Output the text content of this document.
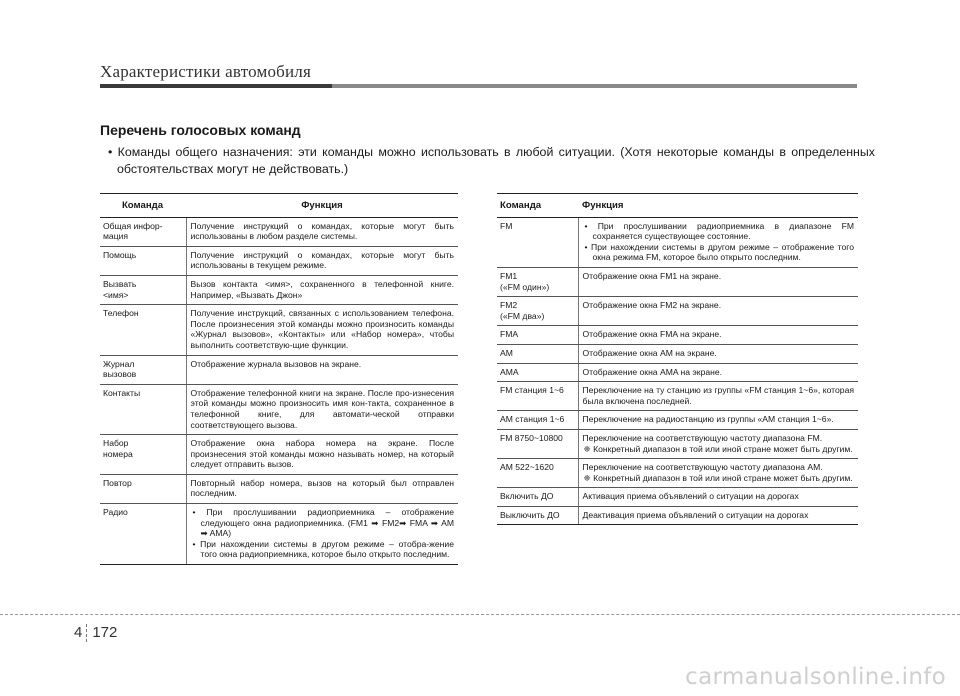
Характеристики автомобиля
Перечень голосовых команд
• Команды общего назначения: эти команды можно использовать в любой ситуации. (Хотя некоторые команды в определенных обстоятельствах могут не действовать.)
Команда	Функция

Общая инфор-
мация	Получение инструкций о командах, которые могут быть использованы в любом разделе системы.

Помощь	Получение инструкций о командах, которые могут быть использованы в текущем режиме.

Вызвать
<имя>	Вызов контакта <имя>, сохраненного в телефонной книге. Например, «Вызвать Джон»

Телефон	Получение инструкций, связанных с использованием телефона. После произнесения этой команды можно произносить команды «Журнал вызовов», «Контакты» или «Набор номера», чтобы выполнить соответствую-щие функции.

Журнал
вызовов	Отображение журнала вызовов на экране.

Контакты	Отображение телефонной книги на экране. После про-изнесения этой команды можно произносить имя кон-такта, сохраненное в телефонной книге, для автомати-ческой отправки соответствующего вызова.

Набор
номера	Отображение окна набора номера на экране. После произнесения этой команды можно называть номер, на который следует отправить вызов.

Повтор	Повторный набор номера, вызов на который был отправлен последним.

Радио	• При прослушивании радиоприемника – отображение следующего окна радиоприемника. (FM1 ➡ FM2➡ FMA ➡ AM ➡ AMA)
• При нахождении системы в другом режиме – отобра-жение того окна радиоприемника, которое было открыто последним.
Команда	Функция

FM	• При прослушивании радиоприемника в диапазоне FM сохраняется существующее состояние.
• При нахождении системы в другом режиме – отображение того окна режима FM, которое было открыто последним.

FM1
(«FM один»)	Отображение окна FM1 на экране.

FM2
(«FM два»)	Отображение окна FM2 на экране.

FMA	Отображение окна FMA на экране.

AM	Отображение окна AM на экране.

AMA	Отображение окна AMA на экране.

FM станция 1~6	Переключение на ту станцию из группы «FM станция 1~6», которая была включена последней.

AM станция 1~6	Переключение на радиостанцию из группы «AM станция 1~6».

FM 8750~10800	Переключение на соответствующую частоту диапазона FM.
❈ Конкретный диапазон в той или иной стране может быть другим.

AM 522~1620	Переключение на соответствующую частоту диапазона AM.
❈ Конкретный диапазон в той или иной стране может быть другим.

Включить ДО	Активация приема объявлений о ситуации на дорогах

Выключить ДО	Деактивация приема объявлений о ситуации на дорогах
4 172
carmanualsonline.info
